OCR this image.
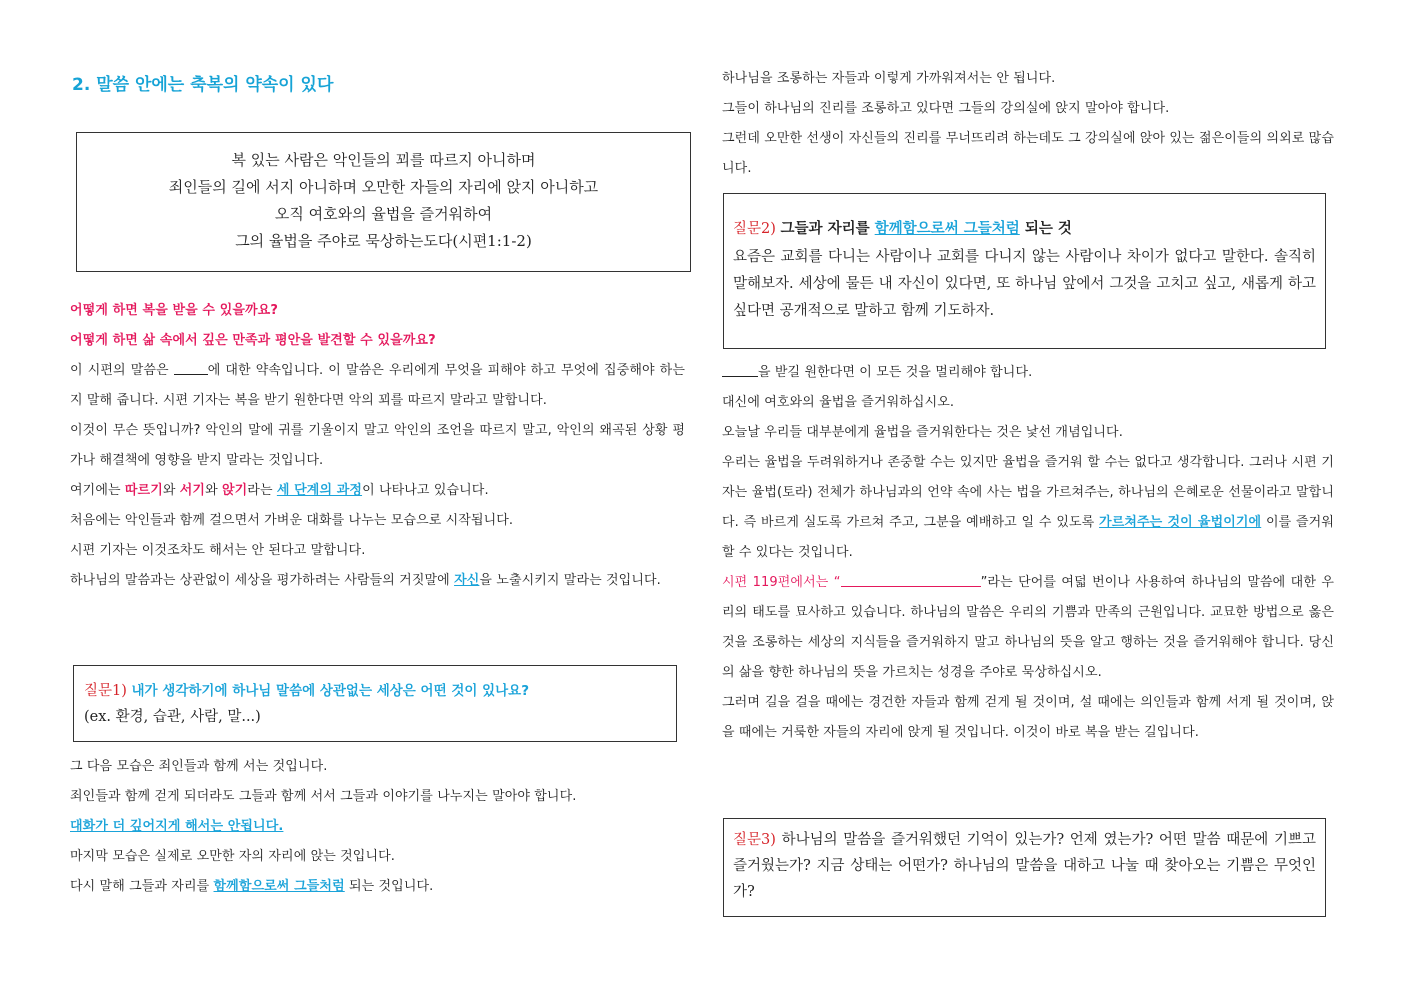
2. 말씀 안에는 축복의 약속이 있다
복 있는 사람은 악인들의 꾀를 따르지 아니하며
죄인들의 길에 서지 아니하며 오만한 자들의 자리에 앉지 아니하고
오직 여호와의 율법을 즐거워하여
그의 율법을 주야로 묵상하는도다(시편1:1-2)

어떻게 하면 복을 받을 수 있을까요?

어떻게 하면 삶 속에서 깊은 만족과 평안을 발견할 수 있을까요?

이 시편의 말씀은	에 대한 약속입니다. 이 말씀은 우리에게 무엇을 피해야 하고 무엇에 집중해야 하는지 말해 줍니다. 시편 기자는 복을 받기 원한다면 악의 꾀를 따르지 말라고 말합니다.

이것이 무슨 뜻입니까? 악인의 말에 귀를 기울이지 말고 악인의 조언을 따르지 말고, 악인의 왜곡된 상황 평가나 해결책에 영향을 받지 말라는 것입니다.

여기에는 따르기와 서기와 앉기라는 세 단계의 과정이 나타나고 있습니다.

처음에는 악인들과 함께 걸으면서 가벼운 대화를 나누는 모습으로 시작됩니다.

시편 기자는 이것조차도 해서는 안 된다고 말합니다.

하나님의 말씀과는 상관없이 세상을 평가하려는 사람들의 거짓말에 자신을 노출시키지 말라는 것입니다.

질문1) 내가 생각하기에 하나님 말씀에 상관없는 세상은 어떤 것이 있나요?
(ex. 환경, 습관, 사람, 말...)

그 다음 모습은 죄인들과 함께 서는 것입니다.

죄인들과 함께 걷게 되더라도 그들과 함께 서서 그들과 이야기를 나누지는 말아야 합니다.

대화가 더 깊어지게 해서는 안됩니다.

마지막 모습은 실제로 오만한 자의 자리에 앉는 것입니다.

다시 말해 그들과 자리를 함께함으로써 그들처럼 되는 것입니다.

하나님을 조롱하는 자들과 이렇게 가까워져서는 안 됩니다.

그들이 하나님의 진리를 조롱하고 있다면 그들의 강의실에 앉지 말아야 합니다.

그런데 오만한 선생이 자신들의 진리를 무너뜨리려 하는데도 그 강의실에 앉아 있는 젊은이들의 의외로 많습니다.

질문2) 그들과 자리를 함께함으로써 그들처럼 되는 것
요즘은 교회를 다니는 사람이나 교회를 다니지 않는 사람이나 차이가 없다고 말한다. 솔직히 말해보자. 세상에 물든 내 자신이 있다면, 또 하나님 앞에서 그것을 고치고 싶고, 새롭게 하고 싶다면 공개적으로 말하고 함께 기도하자.

을 받길 원한다면 이 모든 것을 멀리해야 합니다.

대신에 여호와의 율법을 즐거워하십시오.

오늘날 우리들 대부분에게 율법을 즐거워한다는 것은 낯선 개념입니다.

우리는 율법을 두려워하거나 존중할 수는 있지만 율법을 즐거워 할 수는 없다고 생각합니다. 그러나 시편 기자는 율법(토라) 전체가 하나님과의 언약 속에 사는 법을 가르쳐주는, 하나님의 은혜로운 선물이라고 말합니다. 즉 바르게 실도록 가르쳐 주고, 그분을 예배하고 일 수 있도록 가르쳐주는 것이 율법이기에 이를 즐거워할 수 있다는 것입니다.

시편 119편에서는 “	”라는 단어를 여덟 번이나 사용하여 하나님의 말씀에 대한 우리의 태도를 묘사하고 있습니다. 하나님의 말씀은 우리의 기쁨과 만족의 근원입니다. 교묘한 방법으로 옳은 것을 조롱하는 세상의 지식들을 즐거워하지 말고 하나님의 뜻을 알고 행하는 것을 즐거워해야 합니다. 당신의 삶을 향한 하나님의 뜻을 가르치는 성경을 주야로 묵상하십시오.

그러며 길을 걸을 때에는 경건한 자들과 함께 걷게 될 것이며, 설 때에는 의인들과 함께 서게 될 것이며, 앉을 때에는 거룩한 자들의 자리에 앉게 될 것입니다. 이것이 바로 복을 받는 길입니다.

질문3) 하나님의 말씀을 즐거워했던 기억이 있는가? 언제 였는가? 어떤 말씀 때문에 기쁘고 즐거웠는가? 지금 상태는 어떤가? 하나님의 말씀을 대하고 나눌 때 찾아오는 기쁨은 무엇인가?
